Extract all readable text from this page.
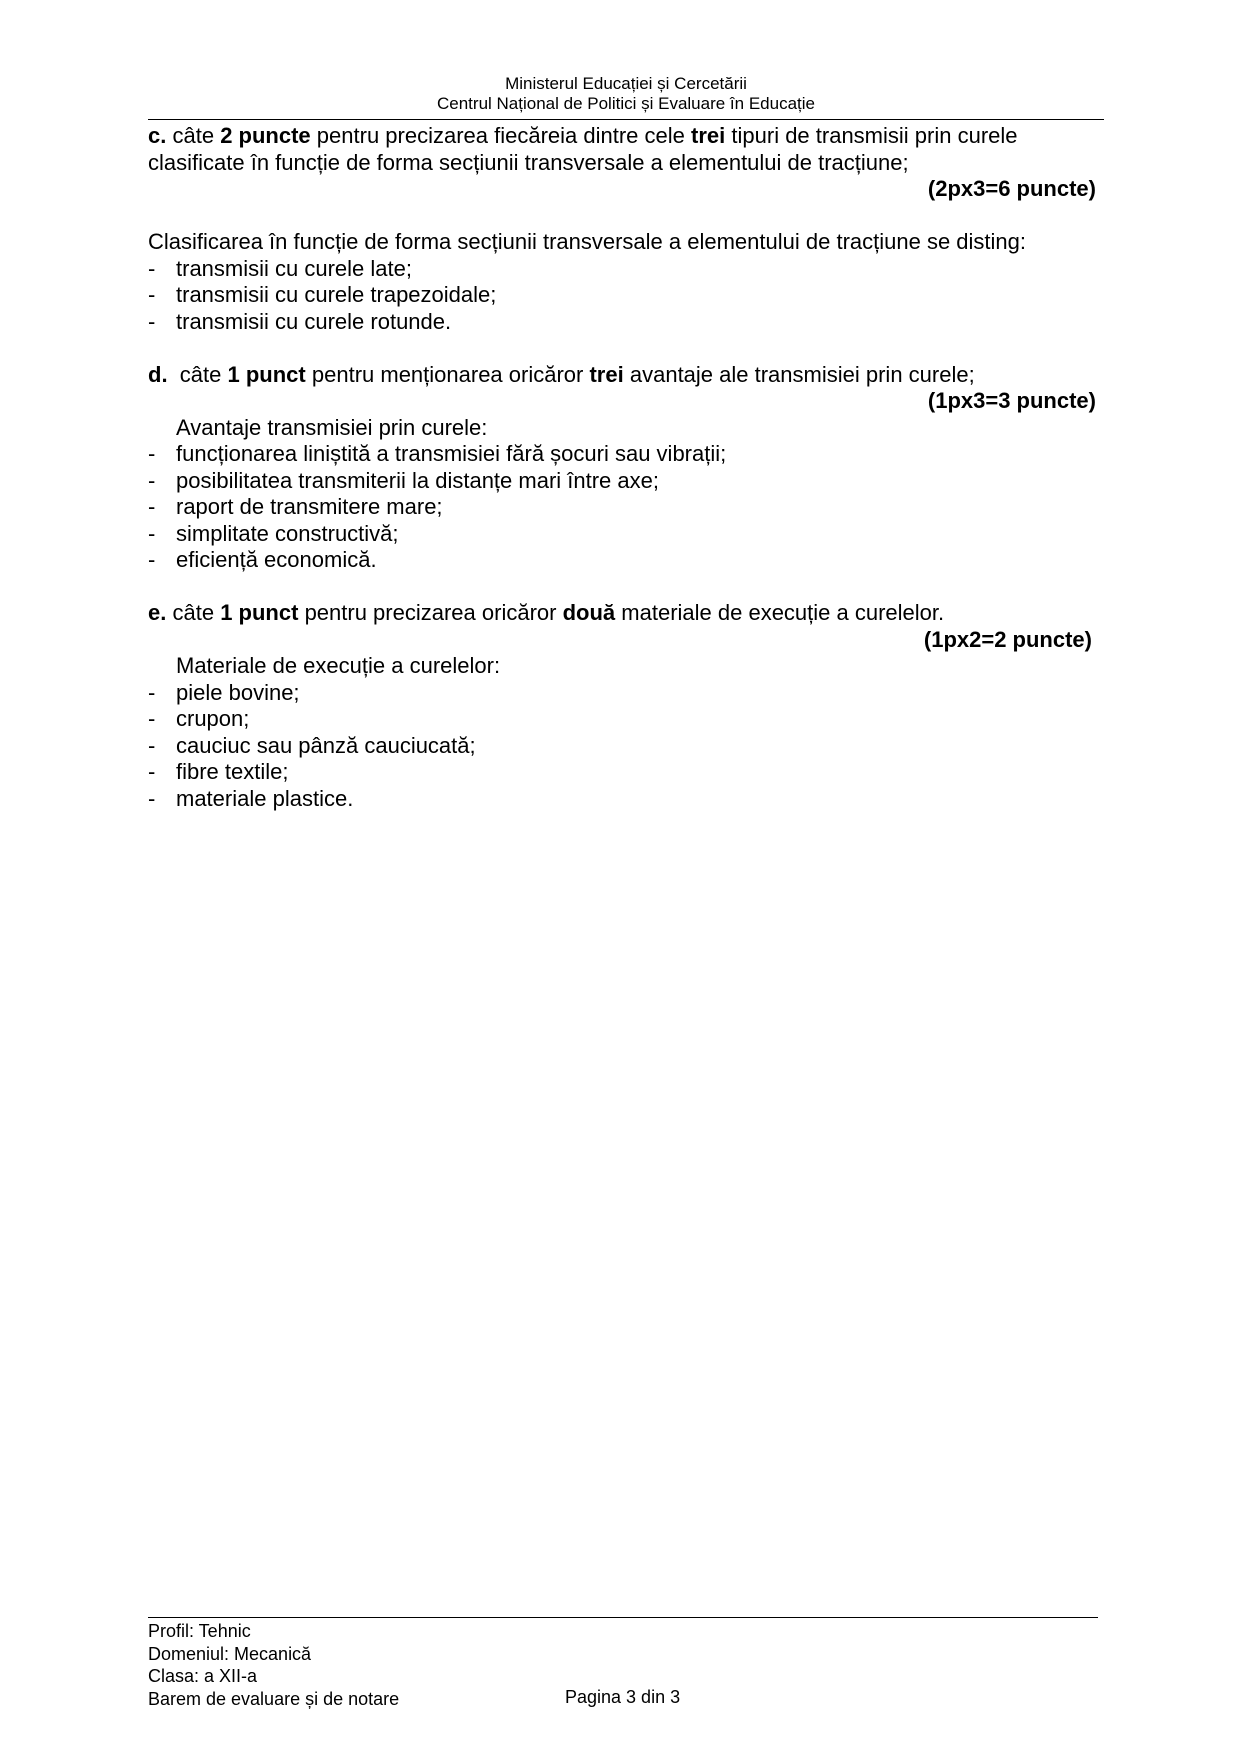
Ministerul Educației și Cercetării
Centrul Național de Politici și Evaluare în Educație
c. câte 2 puncte pentru precizarea fiecăreia dintre cele trei tipuri de transmisii prin curele
clasificate în funcție de forma secțiunii transversale a elementului de tracțiune;
(2px3=6 puncte)
Clasificarea în funcție de forma secțiunii transversale a elementului de tracțiune se disting:
- transmisii cu curele late;
- transmisii cu curele trapezoidale;
- transmisii cu curele rotunde.
d. câte 1 punct pentru menționarea oricăror trei avantaje ale transmisiei prin curele;
(1px3=3 puncte)
Avantaje transmisiei prin curele:
- funcționarea liniștită a transmisiei fără șocuri sau vibrații;
- posibilitatea transmiterii la distanțe mari între axe;
- raport de transmitere mare;
- simplitate constructivă;
- eficiență economică.
e. câte 1 punct pentru precizarea oricăror două materiale de execuție a curelelor.
(1px2=2 puncte)
Materiale de execuție a curelelor:
- piele bovine;
- crupon;
- cauciuc sau pânză cauciucată;
- fibre textile;
- materiale plastice.
Profil: Tehnic
Domeniul: Mecanică
Clasa: a XII-a
Barem de evaluare și de notare	Pagina 3 din 3
